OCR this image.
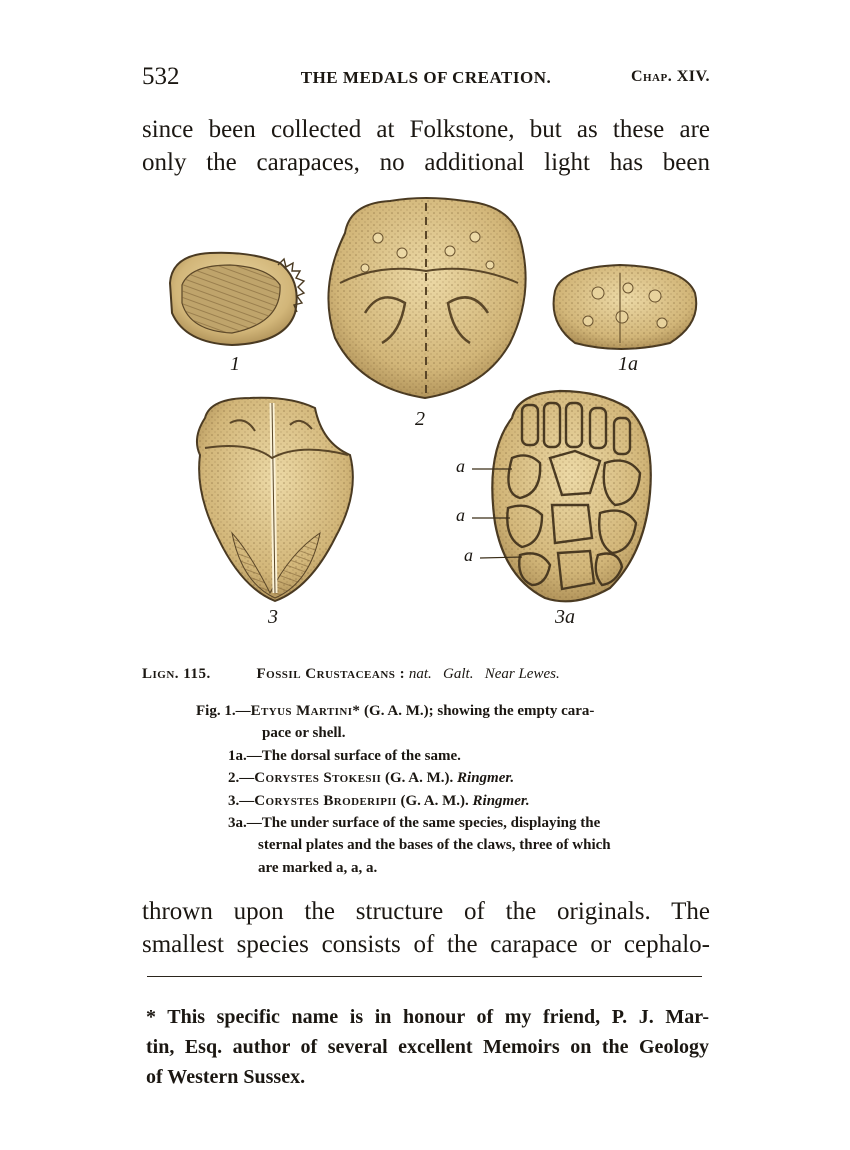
532	THE MEDALS OF CREATION.	Chap. XIV.
since been collected at Folkstone, but as these are
only the carapaces, no additional light has been
1	1a
2
3	3a
a
a
a
Lign. 115.	Fossil Crustaceans : nat. Galt. Near Lewes.
Fig. 1.—Etyus Martini* (G. A. M.); showing the empty cara-
pace or shell.
1a.—The dorsal surface of the same.
2.—Corystes Stokesii (G. A. M.). Ringmer.
3.—Corystes Broderipii (G. A. M.). Ringmer.
3a.—The under surface of the same species, displaying the
sternal plates and the bases of the claws, three of which
are marked a, a, a.
thrown upon the structure of the originals. The
smallest species consists of the carapace or cephalo-
* This specific name is in honour of my friend, P. J. Mar-
tin, Esq. author of several excellent Memoirs on the Geology
of Western Sussex.
